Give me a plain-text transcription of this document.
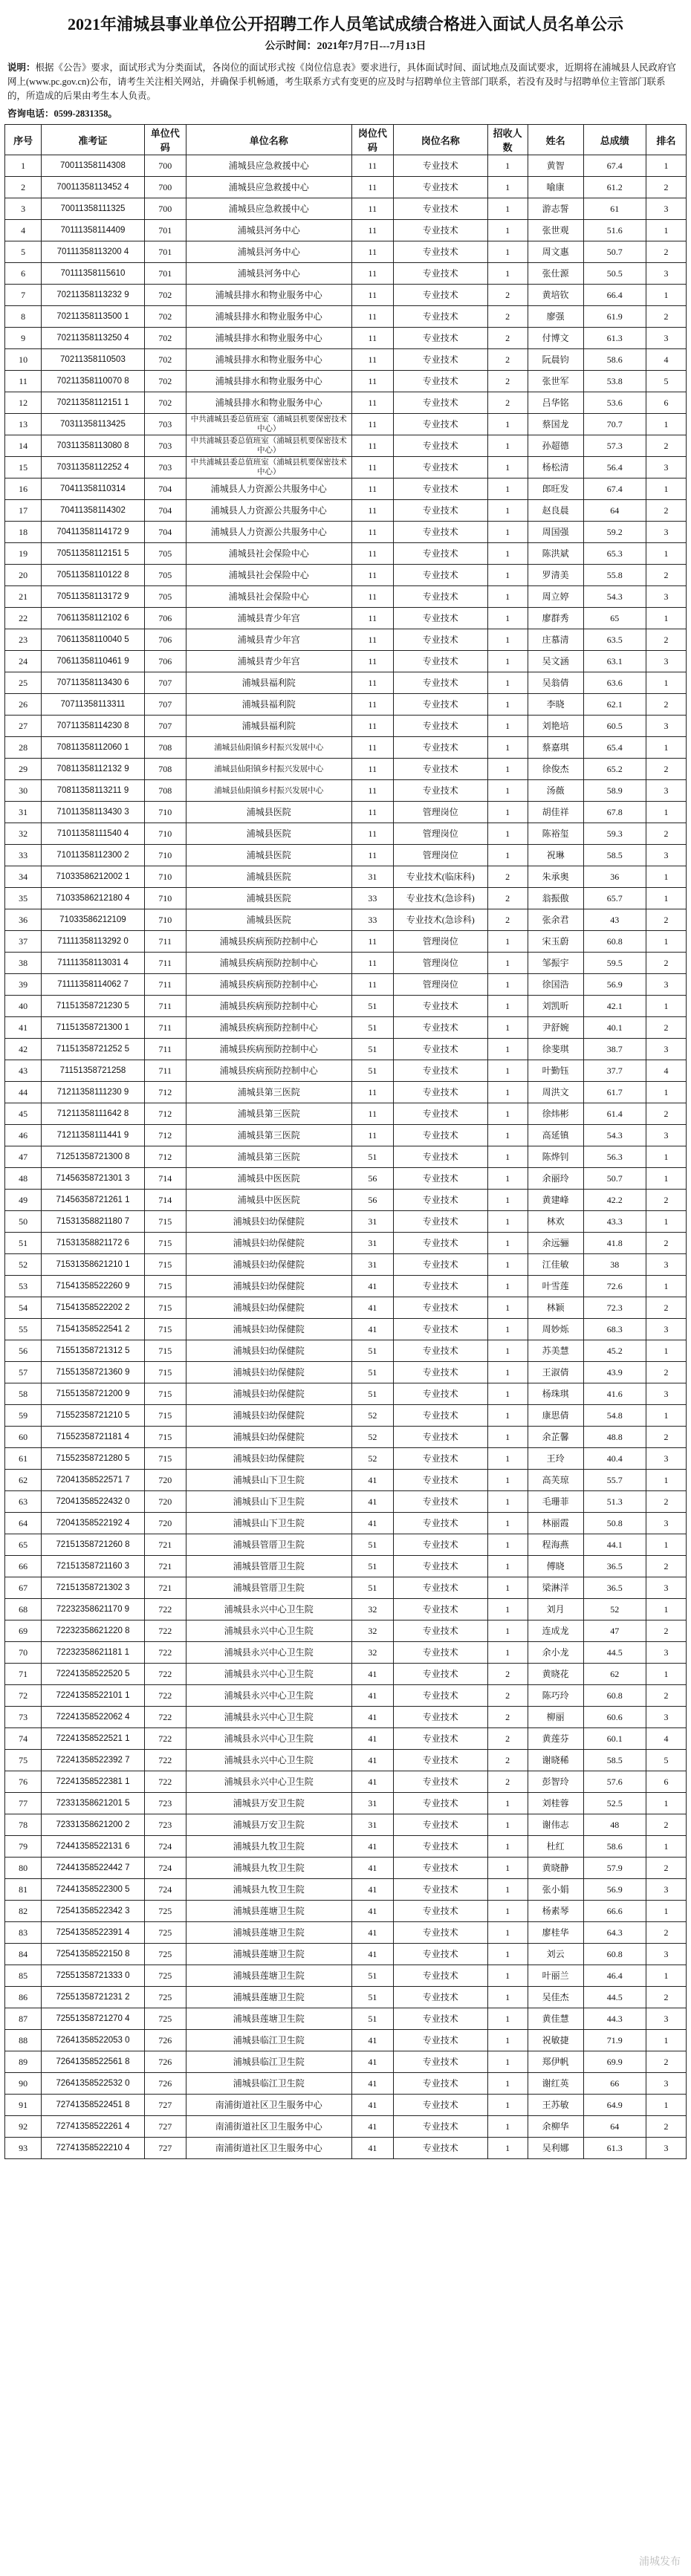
2021年浦城县事业单位公开招聘工作人员笔试成绩合格进入面试人员名单公示
公示时间：2021年7月7日---7月13日
说明：根据《公告》要求，面试形式为分类面试，各岗位的面试形式按《岗位信息表》要求进行，具体面试时间、面试地点及面试要求，近期将在浦城县人民政府官网上(www.pc.gov.cn)公布，请考生关注相关网站，并确保手机畅通，考生联系方式有变更的应及时与招聘单位主管部门联系，若没有及时与招聘单位主管部门联系的，所造成的后果由考生本人负责。
咨询电话：0599-2831358。
序号	准考证	单位代码	单位名称	岗位代码	岗位名称	招收人数	姓名	总成绩	排名
1	70011358114308	700	浦城县应急救援中心	11	专业技术	1	黄智	67.4	1
2	70011358113452 4	700	浦城县应急救援中心	11	专业技术	1	喻康	61.2	2
3	70011358111325	700	浦城县应急救援中心	11	专业技术	1	游志誓	61	3
4	70111358114409	701	浦城县河务中心	11	专业技术	1	张世观	51.6	1
5	70111358113200 4	701	浦城县河务中心	11	专业技术	1	周文惠	50.7	2
6	70111358115610	701	浦城县河务中心	11	专业技术	1	张仕源	50.5	3
7	70211358113232 9	702	浦城县排水和物业服务中心	11	专业技术	2	黄培钦	66.4	1
8	70211358113500 1	702	浦城县排水和物业服务中心	11	专业技术	2	廖强	61.9	2
9	70211358113250 4	702	浦城县排水和物业服务中心	11	专业技术	2	付博文	61.3	3
10	70211358110503	702	浦城县排水和物业服务中心	11	专业技术	2	阮晨钧	58.6	4
11	70211358110070 8	702	浦城县排水和物业服务中心	11	专业技术	2	张世军	53.8	5
12	70211358112151 1	702	浦城县排水和物业服务中心	11	专业技术	2	吕华铭	53.6	6
13	70311358113425	703	中共浦城县委总值班室（浦城县机要保密技术中心）	11	专业技术	1	蔡国龙	70.7	1
14	70311358113080 8	703	中共浦城县委总值班室（浦城县机要保密技术中心）	11	专业技术	1	孙超德	57.3	2
15	70311358112252 4	703	中共浦城县委总值班室（浦城县机要保密技术中心）	11	专业技术	1	杨松清	56.4	3
16	70411358110314	704	浦城县人力资源公共服务中心	11	专业技术	1	郎旺发	67.4	1
17	70411358114302	704	浦城县人力资源公共服务中心	11	专业技术	1	赵良晨	64	2
18	70411358114172 9	704	浦城县人力资源公共服务中心	11	专业技术	1	周国强	59.2	3
19	70511358112151 5	705	浦城县社会保险中心	11	专业技术	1	陈洪斌	65.3	1
20	70511358110122 8	705	浦城县社会保险中心	11	专业技术	1	罗清美	55.8	2
21	70511358113172 9	705	浦城县社会保险中心	11	专业技术	1	周立婷	54.3	3
22	70611358112102 6	706	浦城县青少年宫	11	专业技术	1	廖群秀	65	1
23	70611358110040 5	706	浦城县青少年宫	11	专业技术	1	庄慕清	63.5	2
24	70611358110461 9	706	浦城县青少年宫	11	专业技术	1	吴文涵	63.1	3
25	70711358113430 6	707	浦城县福利院	11	专业技术	1	吴翁倩	63.6	1
26	70711358113311	707	浦城县福利院	11	专业技术	1	李晓	62.1	2
27	70711358114230 8	707	浦城县福利院	11	专业技术	1	刘艳培	60.5	3
28	70811358112060 1	708	浦城县仙阳镇乡村振兴发展中心	11	专业技术	1	蔡嘉琪	65.4	1
29	70811358112132 9	708	浦城县仙阳镇乡村振兴发展中心	11	专业技术	1	徐俊杰	65.2	2
30	70811358113211 9	708	浦城县仙阳镇乡村振兴发展中心	11	专业技术	1	汤薇	58.9	3
31	71011358113430 3	710	浦城县医院	11	管理岗位	1	胡佳祥	67.8	1
32	71011358111540 4	710	浦城县医院	11	管理岗位	1	陈裕玺	59.3	2
33	71011358112300 2	710	浦城县医院	11	管理岗位	1	祝琳	58.5	3
34	71033586212002 1	710	浦城县医院	31	专业技术(临床科)	2	朱承奥	36	1
35	71033586212180 4	710	浦城县医院	33	专业技术(急诊科)	2	翁振傲	65.7	1
36	71033586212109	710	浦城县医院	33	专业技术(急诊科)	2	张余君	43	2
37	71111358113292 0	711	浦城县疾病预防控制中心	11	管理岗位	1	宋玉蔚	60.8	1
38	71111358113031 4	711	浦城县疾病预防控制中心	11	管理岗位	1	邹振宇	59.5	2
39	71111358114062 7	711	浦城县疾病预防控制中心	11	管理岗位	1	徐国浩	56.9	3
40	71151358721230 5	711	浦城县疾病预防控制中心	51	专业技术	1	刘凯昕	42.1	1
41	71151358721300 1	711	浦城县疾病预防控制中心	51	专业技术	1	尹舒婉	40.1	2
42	71151358721252 5	711	浦城县疾病预防控制中心	51	专业技术	1	徐斐琪	38.7	3
43	71151358721258	711	浦城县疾病预防控制中心	51	专业技术	1	叶勤钰	37.7	4
44	71211358111230 9	712	浦城县第三医院	11	专业技术	1	周洪文	61.7	1
45	71211358111642 8	712	浦城县第三医院	11	专业技术	1	徐炜彬	61.4	2
46	71211358111441 9	712	浦城县第三医院	11	专业技术	1	高延镇	54.3	3
47	71251358721300 8	712	浦城县第三医院	51	专业技术	1	陈烨钊	56.3	1
48	71456358721301 3	714	浦城县中医医院	56	专业技术	1	余丽玲	50.7	1
49	71456358721261 1	714	浦城县中医医院	56	专业技术	1	黄建峰	42.2	2
50	71531358821180 7	715	浦城县妇幼保健院	31	专业技术	1	林欢	43.3	1
51	71531358821172 6	715	浦城县妇幼保健院	31	专业技术	1	余远骊	41.8	2
52	71531358621210 1	715	浦城县妇幼保健院	31	专业技术	1	江佳敏	38	3
53	71541358522260 9	715	浦城县妇幼保健院	41	专业技术	1	叶雪莲	72.6	1
54	71541358522202 2	715	浦城县妇幼保健院	41	专业技术	1	林颖	72.3	2
55	71541358522541 2	715	浦城县妇幼保健院	41	专业技术	1	周妙烁	68.3	3
56	71551358721312 5	715	浦城县妇幼保健院	51	专业技术	1	苏美慧	45.2	1
57	71551358721360 9	715	浦城县妇幼保健院	51	专业技术	1	王淑倩	43.9	2
58	71551358721200 9	715	浦城县妇幼保健院	51	专业技术	1	杨珠琪	41.6	3
59	71552358721210 5	715	浦城县妇幼保健院	52	专业技术	1	康思倩	54.8	1
60	71552358721181 4	715	浦城县妇幼保健院	52	专业技术	1	余芷馨	48.8	2
61	71552358721280 5	715	浦城县妇幼保健院	52	专业技术	1	王玲	40.4	3
62	72041358522571 7	720	浦城县山下卫生院	41	专业技术	1	高芙琼	55.7	1
63	72041358522432 0	720	浦城县山下卫生院	41	专业技术	1	毛珊菲	51.3	2
64	72041358522192 4	720	浦城县山下卫生院	41	专业技术	1	林丽霞	50.8	3
65	72151358721260 8	721	浦城县管厝卫生院	51	专业技术	1	程海燕	44.1	1
66	72151358721160 3	721	浦城县管厝卫生院	51	专业技术	1	傅晓	36.5	2
67	72151358721302 3	721	浦城县管厝卫生院	51	专业技术	1	梁淋洋	36.5	3
68	72232358621170 9	722	浦城县永兴中心卫生院	32	专业技术	1	刘月	52	1
69	72232358621220 8	722	浦城县永兴中心卫生院	32	专业技术	1	连成龙	47	2
70	72232358621181 1	722	浦城县永兴中心卫生院	32	专业技术	1	余小龙	44.5	3
71	72241358522520 5	722	浦城县永兴中心卫生院	41	专业技术	2	黄晓花	62	1
72	72241358522101 1	722	浦城县永兴中心卫生院	41	专业技术	2	陈巧玲	60.8	2
73	72241358522062 4	722	浦城县永兴中心卫生院	41	专业技术	2	柳丽	60.6	3
74	72241358522521 1	722	浦城县永兴中心卫生院	41	专业技术	2	黄莲芬	60.1	4
75	72241358522392 7	722	浦城县永兴中心卫生院	41	专业技术	2	谢晓稀	58.5	5
76	72241358522381 1	722	浦城县永兴中心卫生院	41	专业技术	2	彭智玲	57.6	6
77	72331358621201 5	723	浦城县万安卫生院	31	专业技术	1	刘桂蓉	52.5	1
78	72331358621200 2	723	浦城县万安卫生院	31	专业技术	1	谢伟志	48	2
79	72441358522131 6	724	浦城县九牧卫生院	41	专业技术	1	杜红	58.6	1
80	72441358522442 7	724	浦城县九牧卫生院	41	专业技术	1	黄晓静	57.9	2
81	72441358522300 5	724	浦城县九牧卫生院	41	专业技术	1	张小娟	56.9	3
82	72541358522342 3	725	浦城县莲塘卫生院	41	专业技术	1	杨素琴	66.6	1
83	72541358522391 4	725	浦城县莲塘卫生院	41	专业技术	1	廖桂华	64.3	2
84	72541358522150 8	725	浦城县莲塘卫生院	41	专业技术	1	刘云	60.8	3
85	72551358721333 0	725	浦城县莲塘卫生院	51	专业技术	1	叶丽兰	46.4	1
86	72551358721231 2	725	浦城县莲塘卫生院	51	专业技术	1	吴佳杰	44.5	2
87	72551358721270 4	725	浦城县莲塘卫生院	51	专业技术	1	黄佳慧	44.3	3
88	72641358522053 0	726	浦城县临江卫生院	41	专业技术	1	祝敏捷	71.9	1
89	72641358522561 8	726	浦城县临江卫生院	41	专业技术	1	郑伊帆	69.9	2
90	72641358522532 0	726	浦城县临江卫生院	41	专业技术	1	谢红英	66	3
91	72741358522451 8	727	南浦街道社区卫生服务中心	41	专业技术	1	王苏敏	64.9	1
92	72741358522261 4	727	南浦街道社区卫生服务中心	41	专业技术	1	余柳华	64	2
93	72741358522210 4	727	南浦街道社区卫生服务中心	41	专业技术	1	吴利娜	61.3	3
浦城发布
